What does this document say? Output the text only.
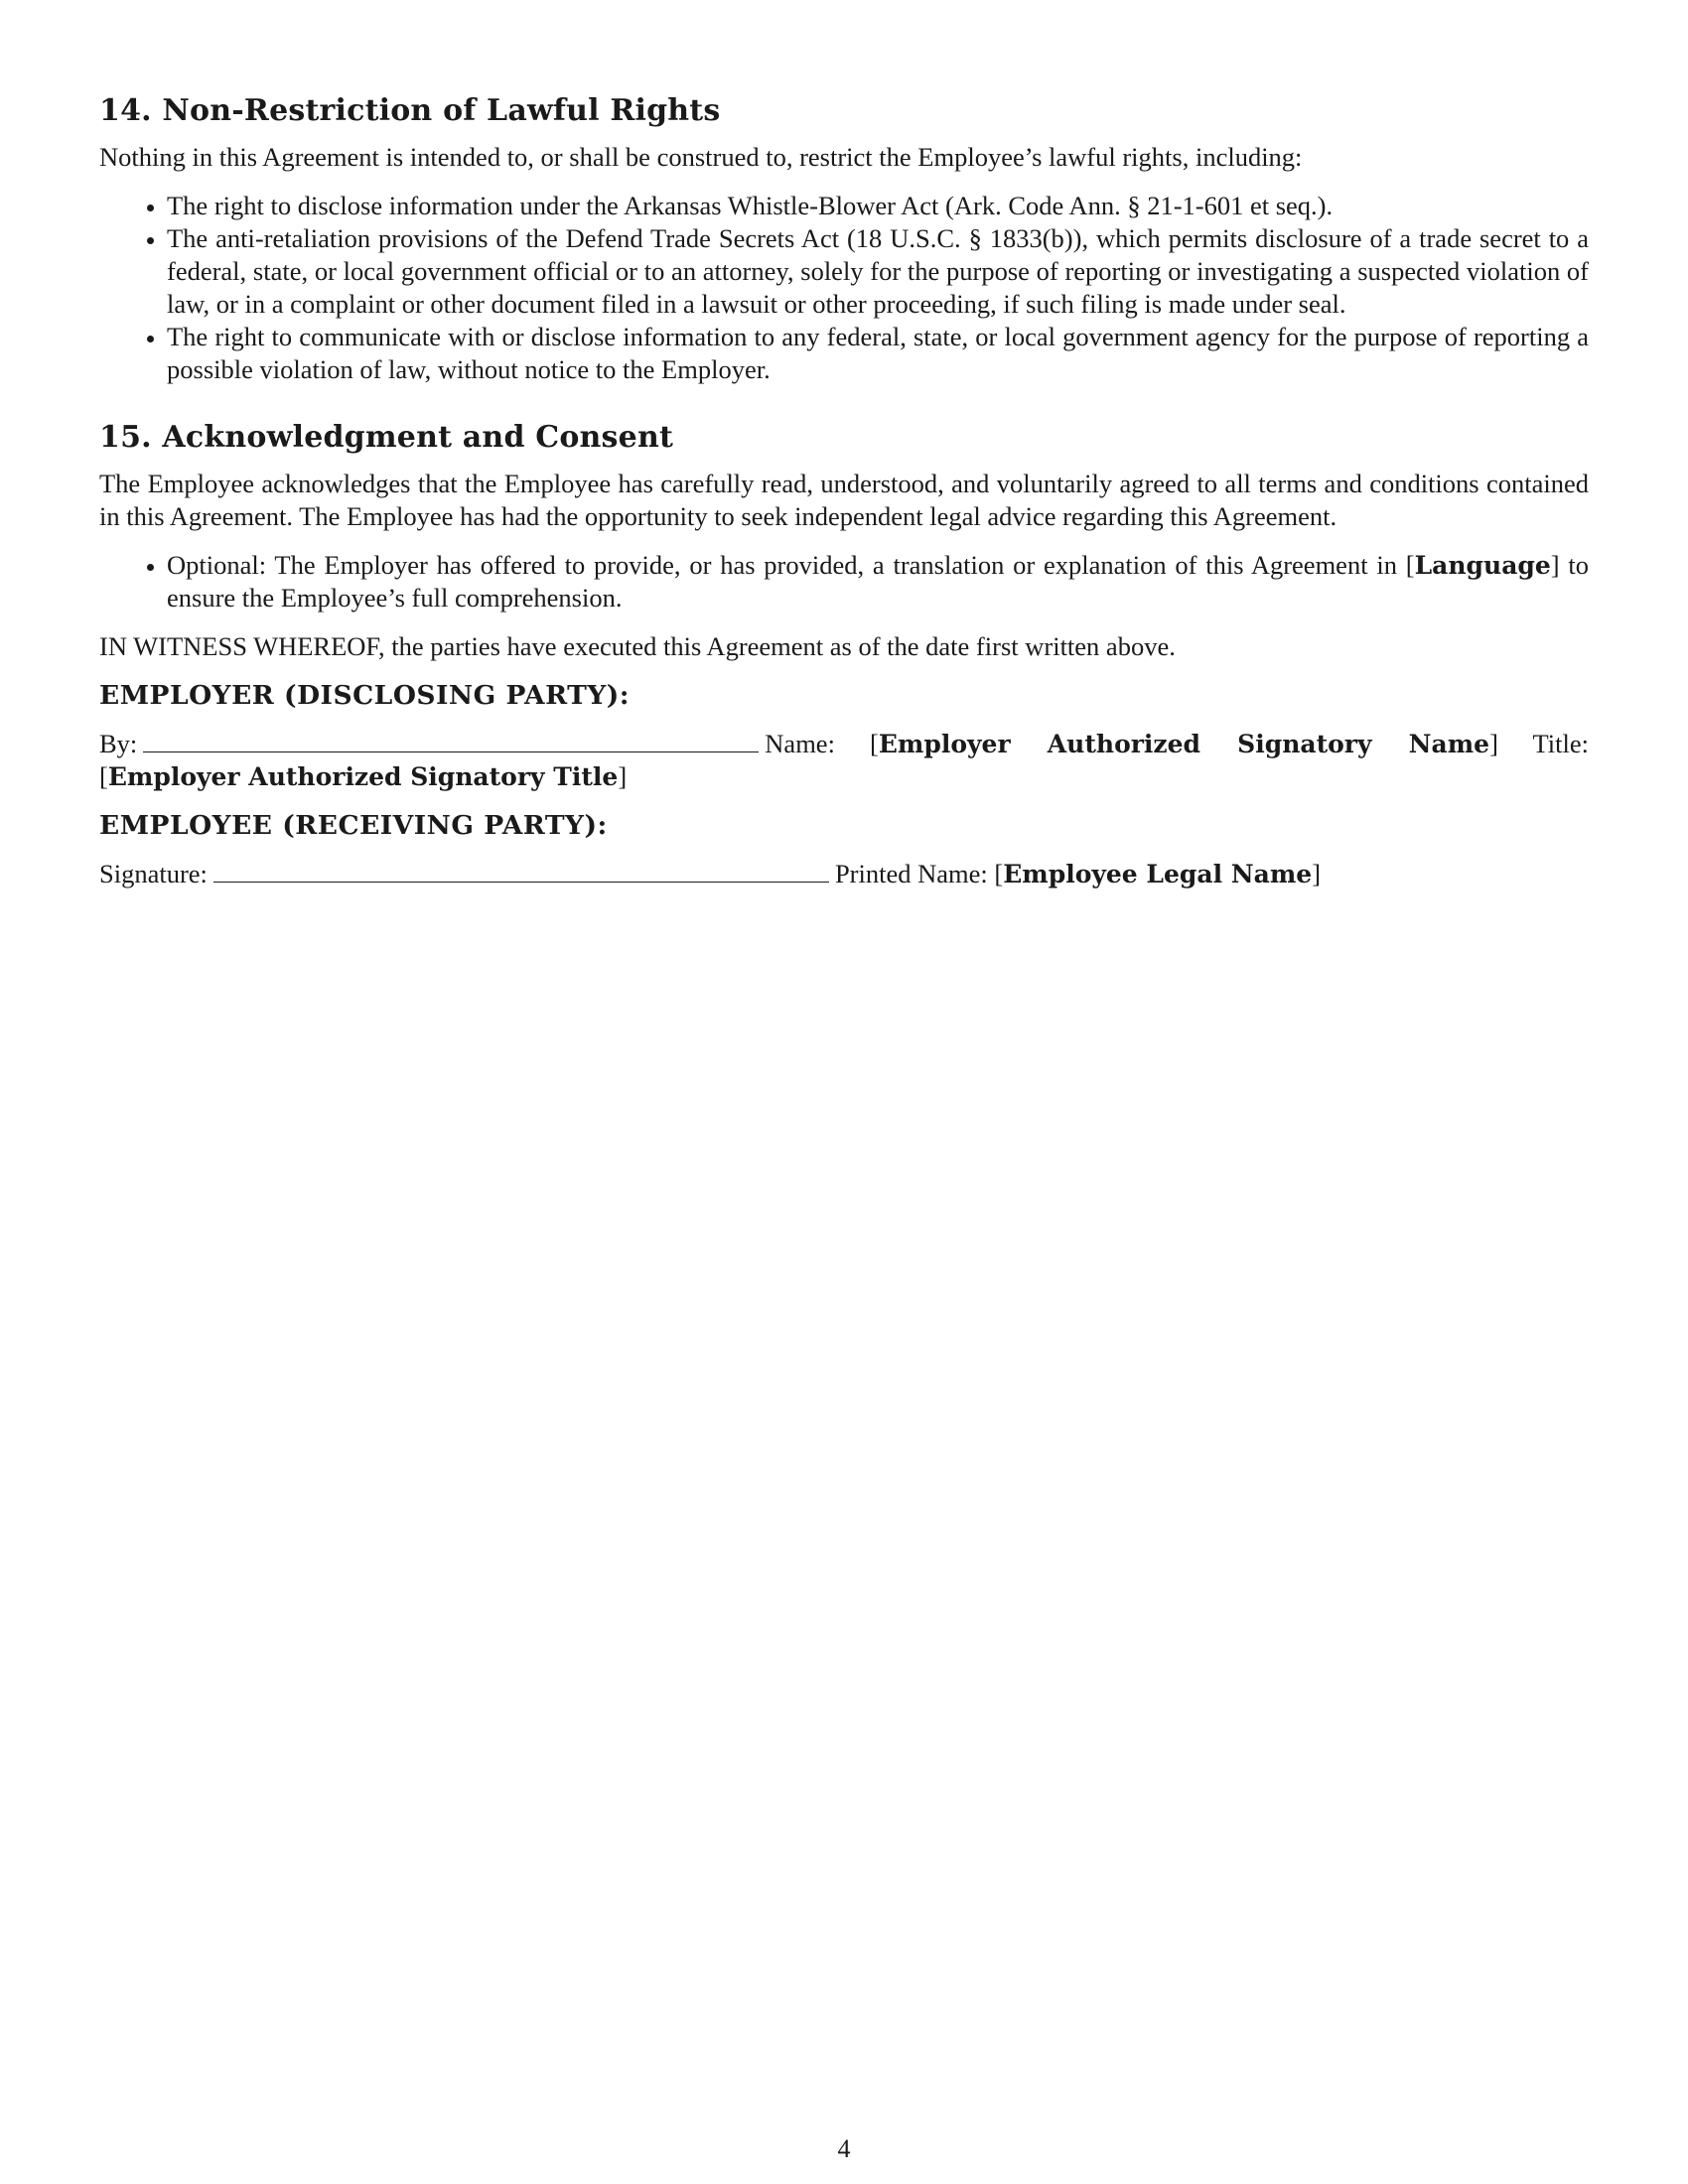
14. Non-Restriction of Lawful Rights

Nothing in this Agreement is intended to, or shall be construed to, restrict the Employee’s lawful rights, including:

• The right to disclose information under the Arkansas Whistle-Blower Act (Ark. Code Ann. § 21-1-601 et seq.).
• The anti-retaliation provisions of the Defend Trade Secrets Act (18 U.S.C. § 1833(b)), which permits disclosure of a trade secret to a federal, state, or local government official or to an attorney, solely for the purpose of reporting or investigating a suspected violation of law, or in a complaint or other document filed in a lawsuit or other proceeding, if such filing is made under seal.
• The right to communicate with or disclose information to any federal, state, or local government agency for the purpose of reporting a possible violation of law, without notice to the Employer.
15. Acknowledgment and Consent

The Employee acknowledges that the Employee has carefully read, understood, and voluntarily agreed to all terms and conditions contained in this Agreement. The Employee has had the opportunity to seek independent legal advice regarding this Agreement.

• Optional: The Employer has offered to provide, or has provided, a translation or explanation of this Agreement in [Language] to ensure the Employee’s full comprehension.

IN WITNESS WHEREOF, the parties have executed this Agreement as of the date first written above.

EMPLOYER (DISCLOSING PARTY):
By:	Name: [Employer Authorized Signatory Name] Title: [Employer Authorized Signatory Title]
EMPLOYEE (RECEIVING PARTY):
Signature:	Printed Name: [Employee Legal Name]
4
